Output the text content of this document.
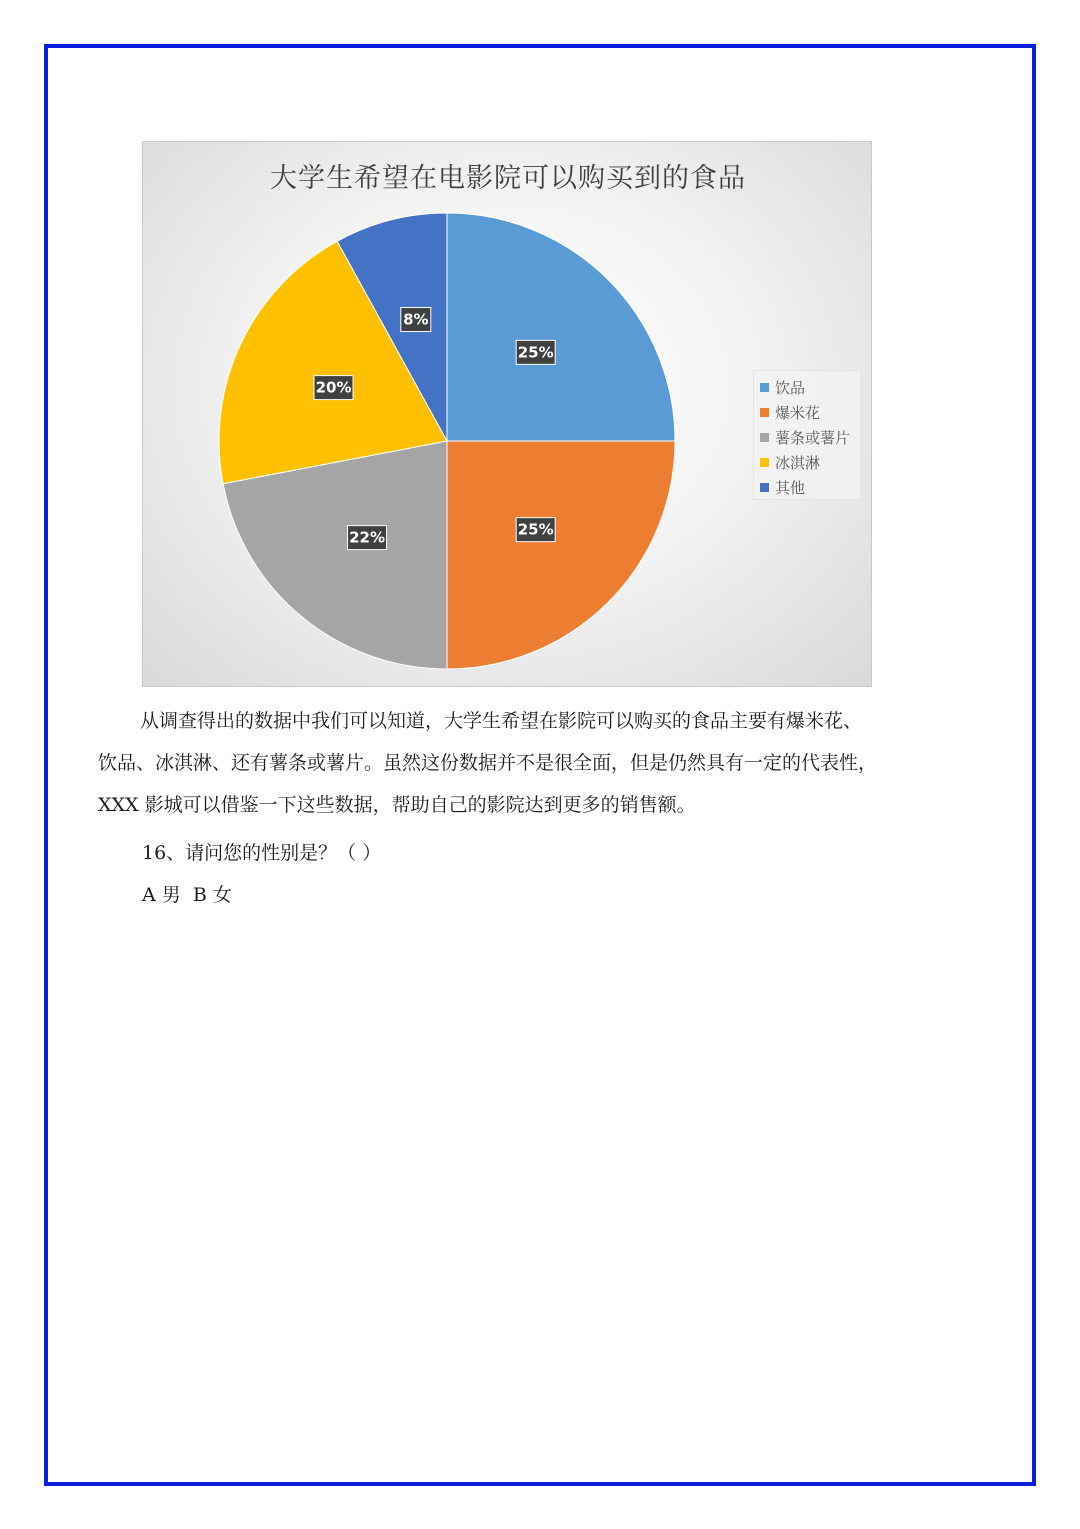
大学生希望在电影院可以购买到的食品
25%
25%
22%
20%
8%
饮品
爆米花
薯条或薯片
冰淇淋
其他

从调查得出的数据中我们可以知道，大学生希望在影院可以购买的食品主要有爆米花、

饮品、冰淇淋、还有薯条或薯片。虽然这份数据并不是很全面，但是仍然具有一定的代表性，

XXX 影城可以借鉴一下这些数据，帮助自己的影院达到更多的销售额。

16、请问您的性别是？（ ）
A 男  B 女
